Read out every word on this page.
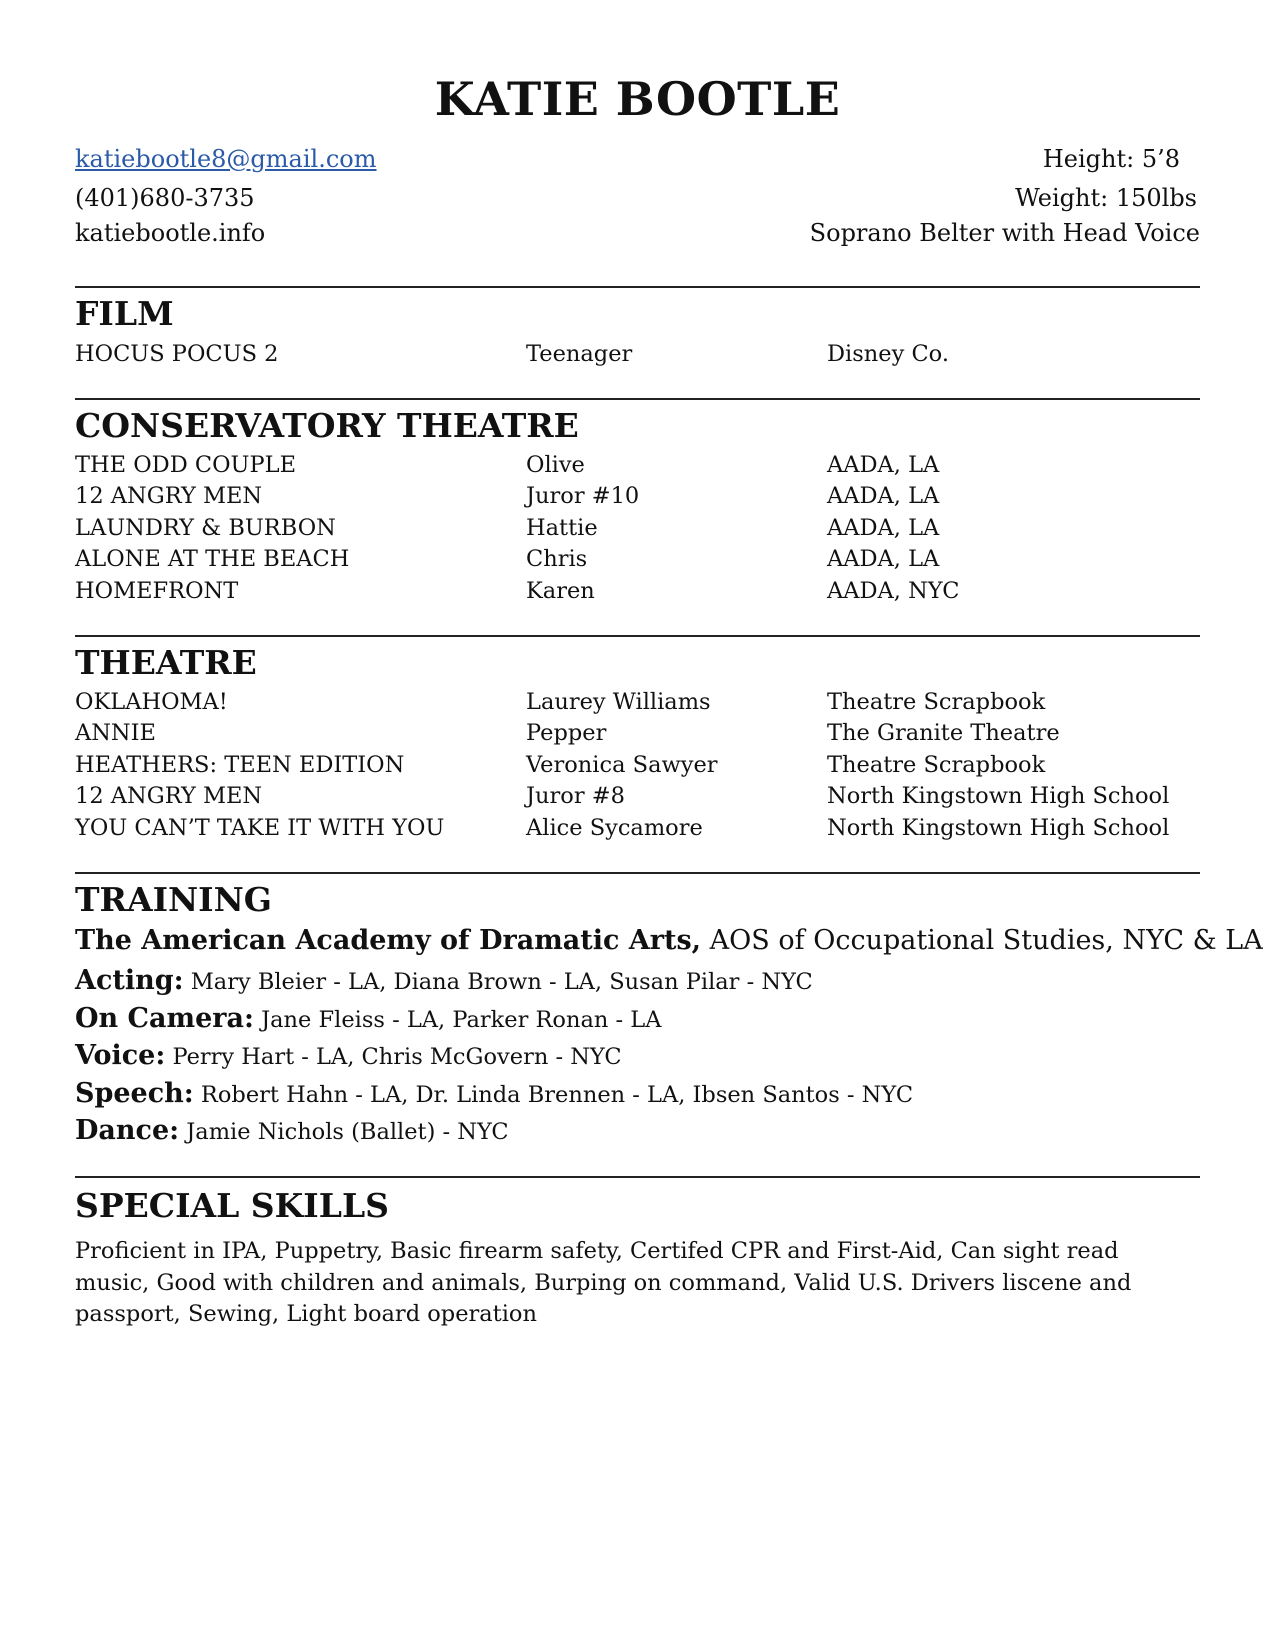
KATIE BOOTLE
katiebootle8@gmail.com	Height: 5’8
(401)680-3735	Weight: 150lbs
katiebootle.info	Soprano Belter with Head Voice
FILM
HOCUS POCUS 2	Teenager	Disney Co.
CONSERVATORY THEATRE
THE ODD COUPLE	Olive	AADA, LA
12 ANGRY MEN	Juror #10	AADA, LA
LAUNDRY & BURBON	Hattie	AADA, LA
ALONE AT THE BEACH	Chris	AADA, LA
HOMEFRONT	Karen	AADA, NYC
THEATRE
OKLAHOMA!	Laurey Williams	Theatre Scrapbook
ANNIE	Pepper	The Granite Theatre
HEATHERS: TEEN EDITION	Veronica Sawyer	Theatre Scrapbook
12 ANGRY MEN	Juror #8	North Kingstown High School
YOU CAN’T TAKE IT WITH YOU	Alice Sycamore	North Kingstown High School
TRAINING
The American Academy of Dramatic Arts, AOS of Occupational Studies, NYC & LA
Acting: Mary Bleier - LA, Diana Brown - LA, Susan Pilar - NYC
On Camera: Jane Fleiss - LA, Parker Ronan - LA
Voice: Perry Hart - LA, Chris McGovern - NYC
Speech: Robert Hahn - LA, Dr. Linda Brennen - LA, Ibsen Santos - NYC
Dance: Jamie Nichols (Ballet) - NYC
SPECIAL SKILLS

Proficient in IPA, Puppetry, Basic firearm safety, Certifed CPR and First-Aid, Can sight read music, Good with children and animals, Burping on command, Valid U.S. Drivers liscene and passport, Sewing, Light board operation
